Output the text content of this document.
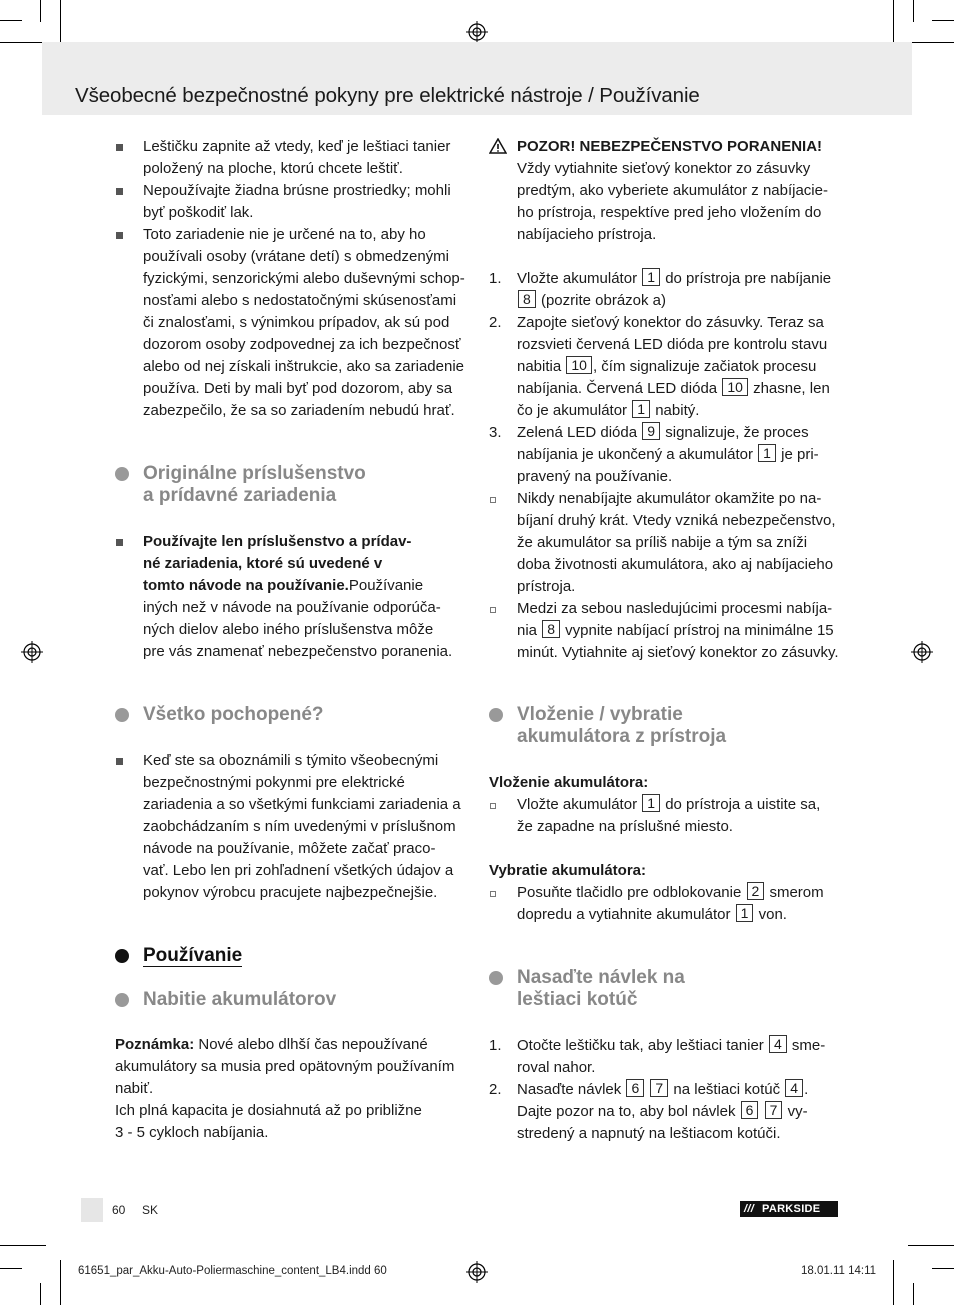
Všeobecné bezpečnostné pokyny pre elektrické nástroje / Používanie
Leštičku zapnite až vtedy, keď je leštiaci tanier
položený na ploche, ktorú chcete leštiť.
Nepoužívajte žiadna brúsne prostriedky; mohli
byť poškodiť lak.
Toto zariadenie nie je určené na to, aby ho
používali osoby (vrátane detí) s obmedzenými
fyzickými, senzorickými alebo duševnými schop-
nosťami alebo s nedostatočnými skúsenosťami
či znalosťami, s výnimkou prípadov, ak sú pod
dozorom osoby zodpovednej za ich bezpečnosť
alebo od nej získali inštrukcie, ako sa zariadenie
používa. Deti by mali byť pod dozorom, aby sa
zabezpečilo, že sa so zariadením nebudú hrať.
Originálne príslušenstvo
a prídavné zariadenia
Používajte len príslušenstvo a prídav-
né zariadenia, ktoré sú uvedené v
tomto návode na používanie.Používanie
iných než v návode na používanie odporúča-
ných dielov alebo iného príslušenstva môže
pre vás znamenať nebezpečenstvo poranenia.
Všetko pochopené?
Keď ste sa oboznámili s týmito všeobecnými
bezpečnostnými pokynmi pre elektrické
zariadenia a so všetkými funkciami zariadenia a
zaobchádzaním s ním uvedenými v príslušnom
návode na používanie, môžete začať praco-
vať. Lebo len pri zohľadnení všetkých údajov a
pokynov výrobcu pracujete najbezpečnejšie.
Používanie
Nabitie akumulátorov
Poznámka: Nové alebo dlhší čas nepoužívané
akumulátory sa musia pred opätovným používaním
nabiť.
Ich plná kapacita je dosiahnutá až po približne
3 - 5 cykloch nabíjania.
POZOR! NEBEZPEČENSTVO PORANENIA!
Vždy vytiahnite sieťový konektor zo zásuvky
predtým, ako vyberiete akumulátor z nabíjacie-
ho prístroja, respektíve pred jeho vložením do
nabíjacieho prístroja.
1. Vložte akumulátor 1 do prístroja pre nabíjanie
8 (pozrite obrázok a)
2. Zapojte sieťový konektor do zásuvky. Teraz sa
rozsvieti červená LED dióda pre kontrolu stavu
nabitia 10 , čím signalizuje začiatok procesu
nabíjania. Červená LED dióda 10 zhasne, len
čo je akumulátor 1 nabitý.
3. Zelená LED dióda 9 signalizuje, že proces
nabíjania je ukončený a akumulátor 1 je pri-
pravený na používanie.
Nikdy nenabíjajte akumulátor okamžite po na-
bíjaní druhý krát. Vtedy vzniká nebezpečenstvo,
že akumulátor sa príliš nabije a tým sa zníži
doba životnosti akumulátora, ako aj nabíjacieho
prístroja.
Medzi za sebou nasledujúcimi procesmi nabíja-
nia 8 vypnite nabíjací prístroj na minimálne 15
minút. Vytiahnite aj sieťový konektor zo zásuvky.
Vloženie / vybratie
akumulátora z prístroja
Vloženie akumulátora:
Vložte akumulátor 1 do prístroja a uistite sa,
že zapadne na príslušné miesto.
Vybratie akumulátora:
Posuňte tlačidlo pre odblokovanie 2 smerom
dopredu a vytiahnite akumulátor 1 von.
Nasaďte návlek na
leštiaci kotúč
1. Otočte leštičku tak, aby leštiaci tanier 4 sme-
roval nahor.
2. Nasaďte návlek 6 7 na leštiaci kotúč 4 .
Dajte pozor na to, aby bol návlek 6 7 vy-
stredený a napnutý na leštiacom kotúči.
60 SK	/// PARKSIDE
61651_par_Akku-Auto-Poliermaschine_content_LB4.indd 60	18.01.11 14:11
